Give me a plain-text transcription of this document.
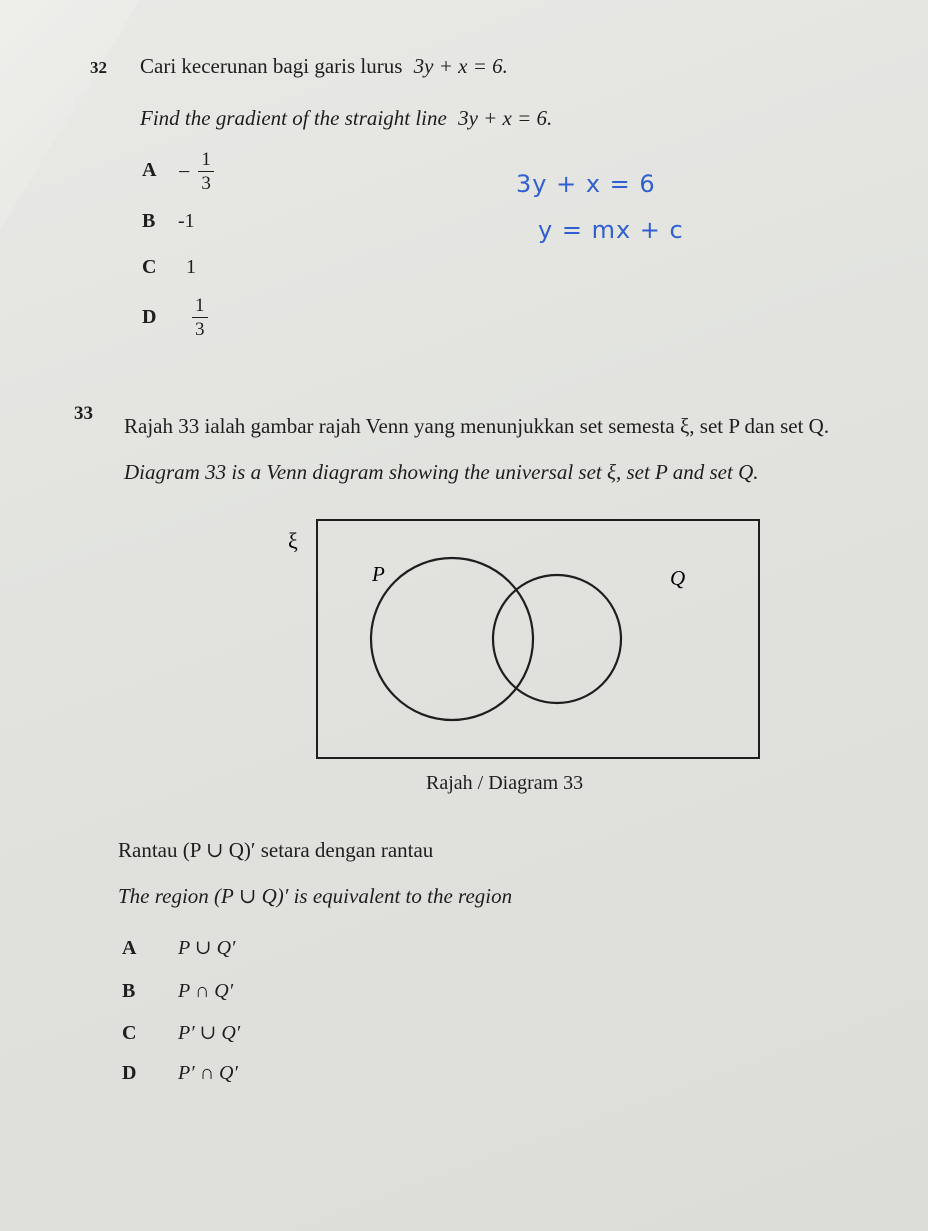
32 Cari kecerunan bagi garis lurus 3y + x = 6.
Find the gradient of the straight line 3y + x = 6.
$A - \frac{1}{3}$
B -1
C 1
D $\frac{1}{3}$
3y + x = 6
y = mx + c
33
Rajah 33 ialah gambar rajah Venn yang menunjukkan set semesta ξ, set P dan set Q.
Diagram 33 is a Venn diagram showing the universal set ξ, set P and set Q.
ξ
P	Q
Rajah / Diagram 33
Rantau (P ∪ Q)′ setara dengan rantau
The region (P ∪ Q)′ is equivalent to the region
A P ∪ Q′
B P ∩ Q′
C P′ ∪ Q′
D P′ ∩ Q′
